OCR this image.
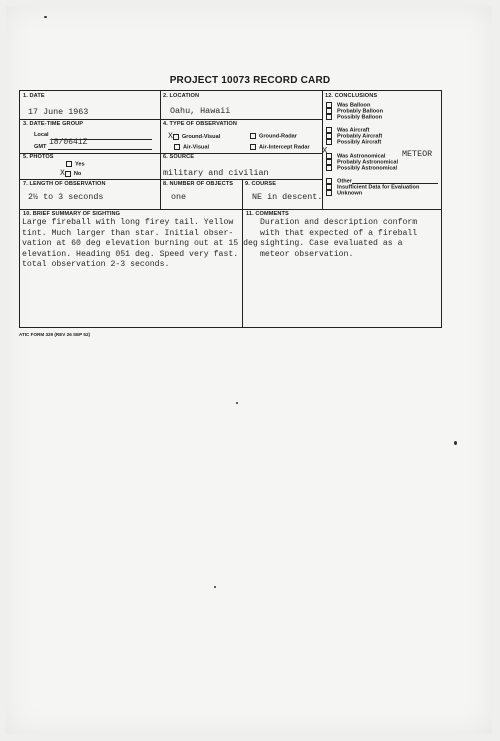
PROJECT 10073 RECORD CARD
1. DATE
17 June 1963
2. LOCATION
Oahu, Hawaii
3. DATE-TIME GROUP
Local
GMT 18/0641Z
4. TYPE OF OBSERVATION
X Ground-Visual	Ground-Radar
Air-Visual	Air-Intercept Radar
5. PHOTOS
Yes
X No
6. SOURCE
military and civilian
7. LENGTH OF OBSERVATION
2½ to 3 seconds
8. NUMBER OF OBJECTS
one
9. COURSE
NE in descent.
10. BRIEF SUMMARY OF SIGHTING
Large fireball with long firey tail. Yellow
tint. Much larger than star. Initial obser-
vation at 60 deg elevation burning out at 15 deg
elevation. Heading 051 deg. Speed very fast.
total observation 2-3 seconds.
11. COMMENTS
Duration and description conform
with that expected of a fireball
sighting. Case evaluated as a
meteor observation.
12. CONCLUSIONS
Was Balloon
Probably Balloon
Possibly Balloon
Was Aircraft
Probably Aircraft
Possibly Aircraft
Was Astronomical
Probably Astronomical
Possibly Astronomical
Other
Insufficient Data for Evaluation
Unknown
X	METEOR
ATIC FORM 329 (REV 26 SEP 52)
